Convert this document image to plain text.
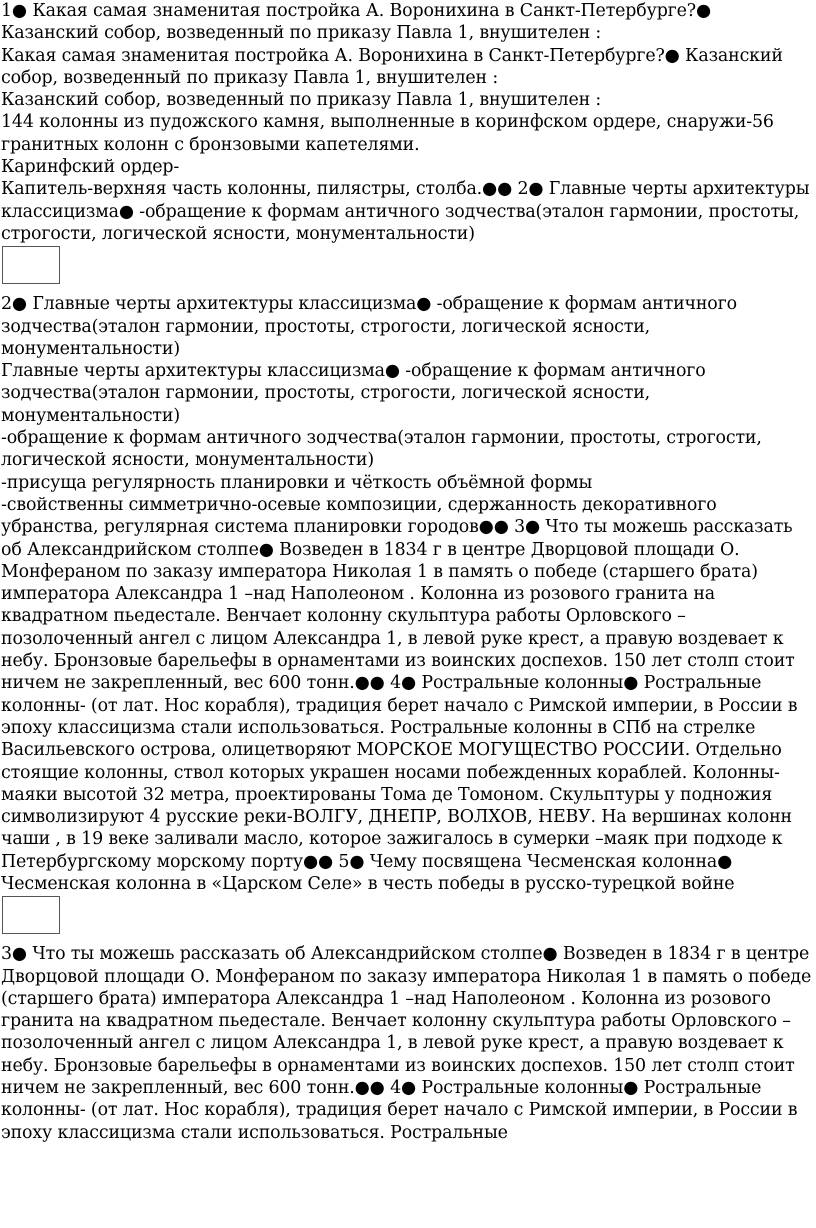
1● Какая самая знаменитая постройка А. Воронихина в Санкт-Петербурге?● Казанский собор, возведенный по приказу Павла 1, внушителен :

Какая самая знаменитая постройка А. Воронихина в Санкт-Петербурге?● Казанский собор, возведенный по приказу Павла 1, внушителен :

Казанский собор, возведенный по приказу Павла 1, внушителен :

144 колонны из пудожского камня, выполненные в коринфском ордере, снаружи-56 гранитных колонн с бронзовыми капетелями.

Каринфский ордер-

Капитель-верхняя часть колонны, пилястры, столба.●● 2● Главные черты архитектуры классицизма● -обращение к формам античного зодчества(эталон гармонии, простоты, строгости, логической ясности, монументальности)

2● Главные черты архитектуры классицизма● -обращение к формам античного зодчества(эталон гармонии, простоты, строгости, логической ясности, монументальности)

Главные черты архитектуры классицизма● -обращение к формам античного зодчества(эталон гармонии, простоты, строгости, логической ясности, монументальности)

-обращение к формам античного зодчества(эталон гармонии, простоты, строгости, логической ясности, монументальности)

-присуща регулярность планировки и чёткость объёмной формы

-свойственны симметрично-осевые композиции, сдержанность декоративного убранства, регулярная система планировки городов●● 3● Что ты можешь рассказать об Александрийском столпе● Возведен в 1834 г в центре Дворцовой площади О. Монфераном по заказу императора Николая 1 в память о победе (старшего брата) императора Александра 1 –над Наполеоном . Колонна из розового гранита на квадратном пьедестале. Венчает колонну скульптура работы Орловского –позолоченный ангел с лицом Александра 1, в левой руке крест, а правую воздевает к небу. Бронзовые барельефы в орнаментами из воинских доспехов. 150 лет столп стоит ничем не закрепленный, вес 600 тонн.●● 4● Ростральные колонны● Ростральные колонны- (от лат. Нос корабля), традиция берет начало с Римской империи, в России в эпоху классицизма стали использоваться. Ростральные колонны в СПб на стрелке Васильевского острова, олицетворяют МОРСКОЕ МОГУЩЕСТВО РОССИИ. Отдельно стоящие колонны, ствол которых украшен носами побежденных кораблей. Колонны-маяки высотой 32 метра, проектированы Тома де Томоном. Скульптуры у подножия символизируют 4 русские реки-ВОЛГУ, ДНЕПР, ВОЛХОВ, НЕВУ. На вершинах колонн чаши , в 19 веке заливали масло, которое зажигалось в сумерки –маяк при подходе к Петербургскому морскому порту●● 5● Чему посвящена Чесменская колонна● Чесменская колонна в «Царском Селе» в честь победы в русско-турецкой войне

3● Что ты можешь рассказать об Александрийском столпе● Возведен в 1834 г в центре Дворцовой площади О. Монфераном по заказу императора Николая 1 в память о победе (старшего брата) императора Александра 1 –над Наполеоном . Колонна из розового гранита на квадратном пьедестале. Венчает колонну скульптура работы Орловского –позолоченный ангел с лицом Александра 1, в левой руке крест, а правую воздевает к небу. Бронзовые барельефы в орнаментами из воинских доспехов. 150 лет столп стоит ничем не закрепленный, вес 600 тонн.●● 4● Ростральные колонны● Ростральные колонны- (от лат. Нос корабля), традиция берет начало с Римской империи, в России в эпоху классицизма стали использоваться. Ростральные
